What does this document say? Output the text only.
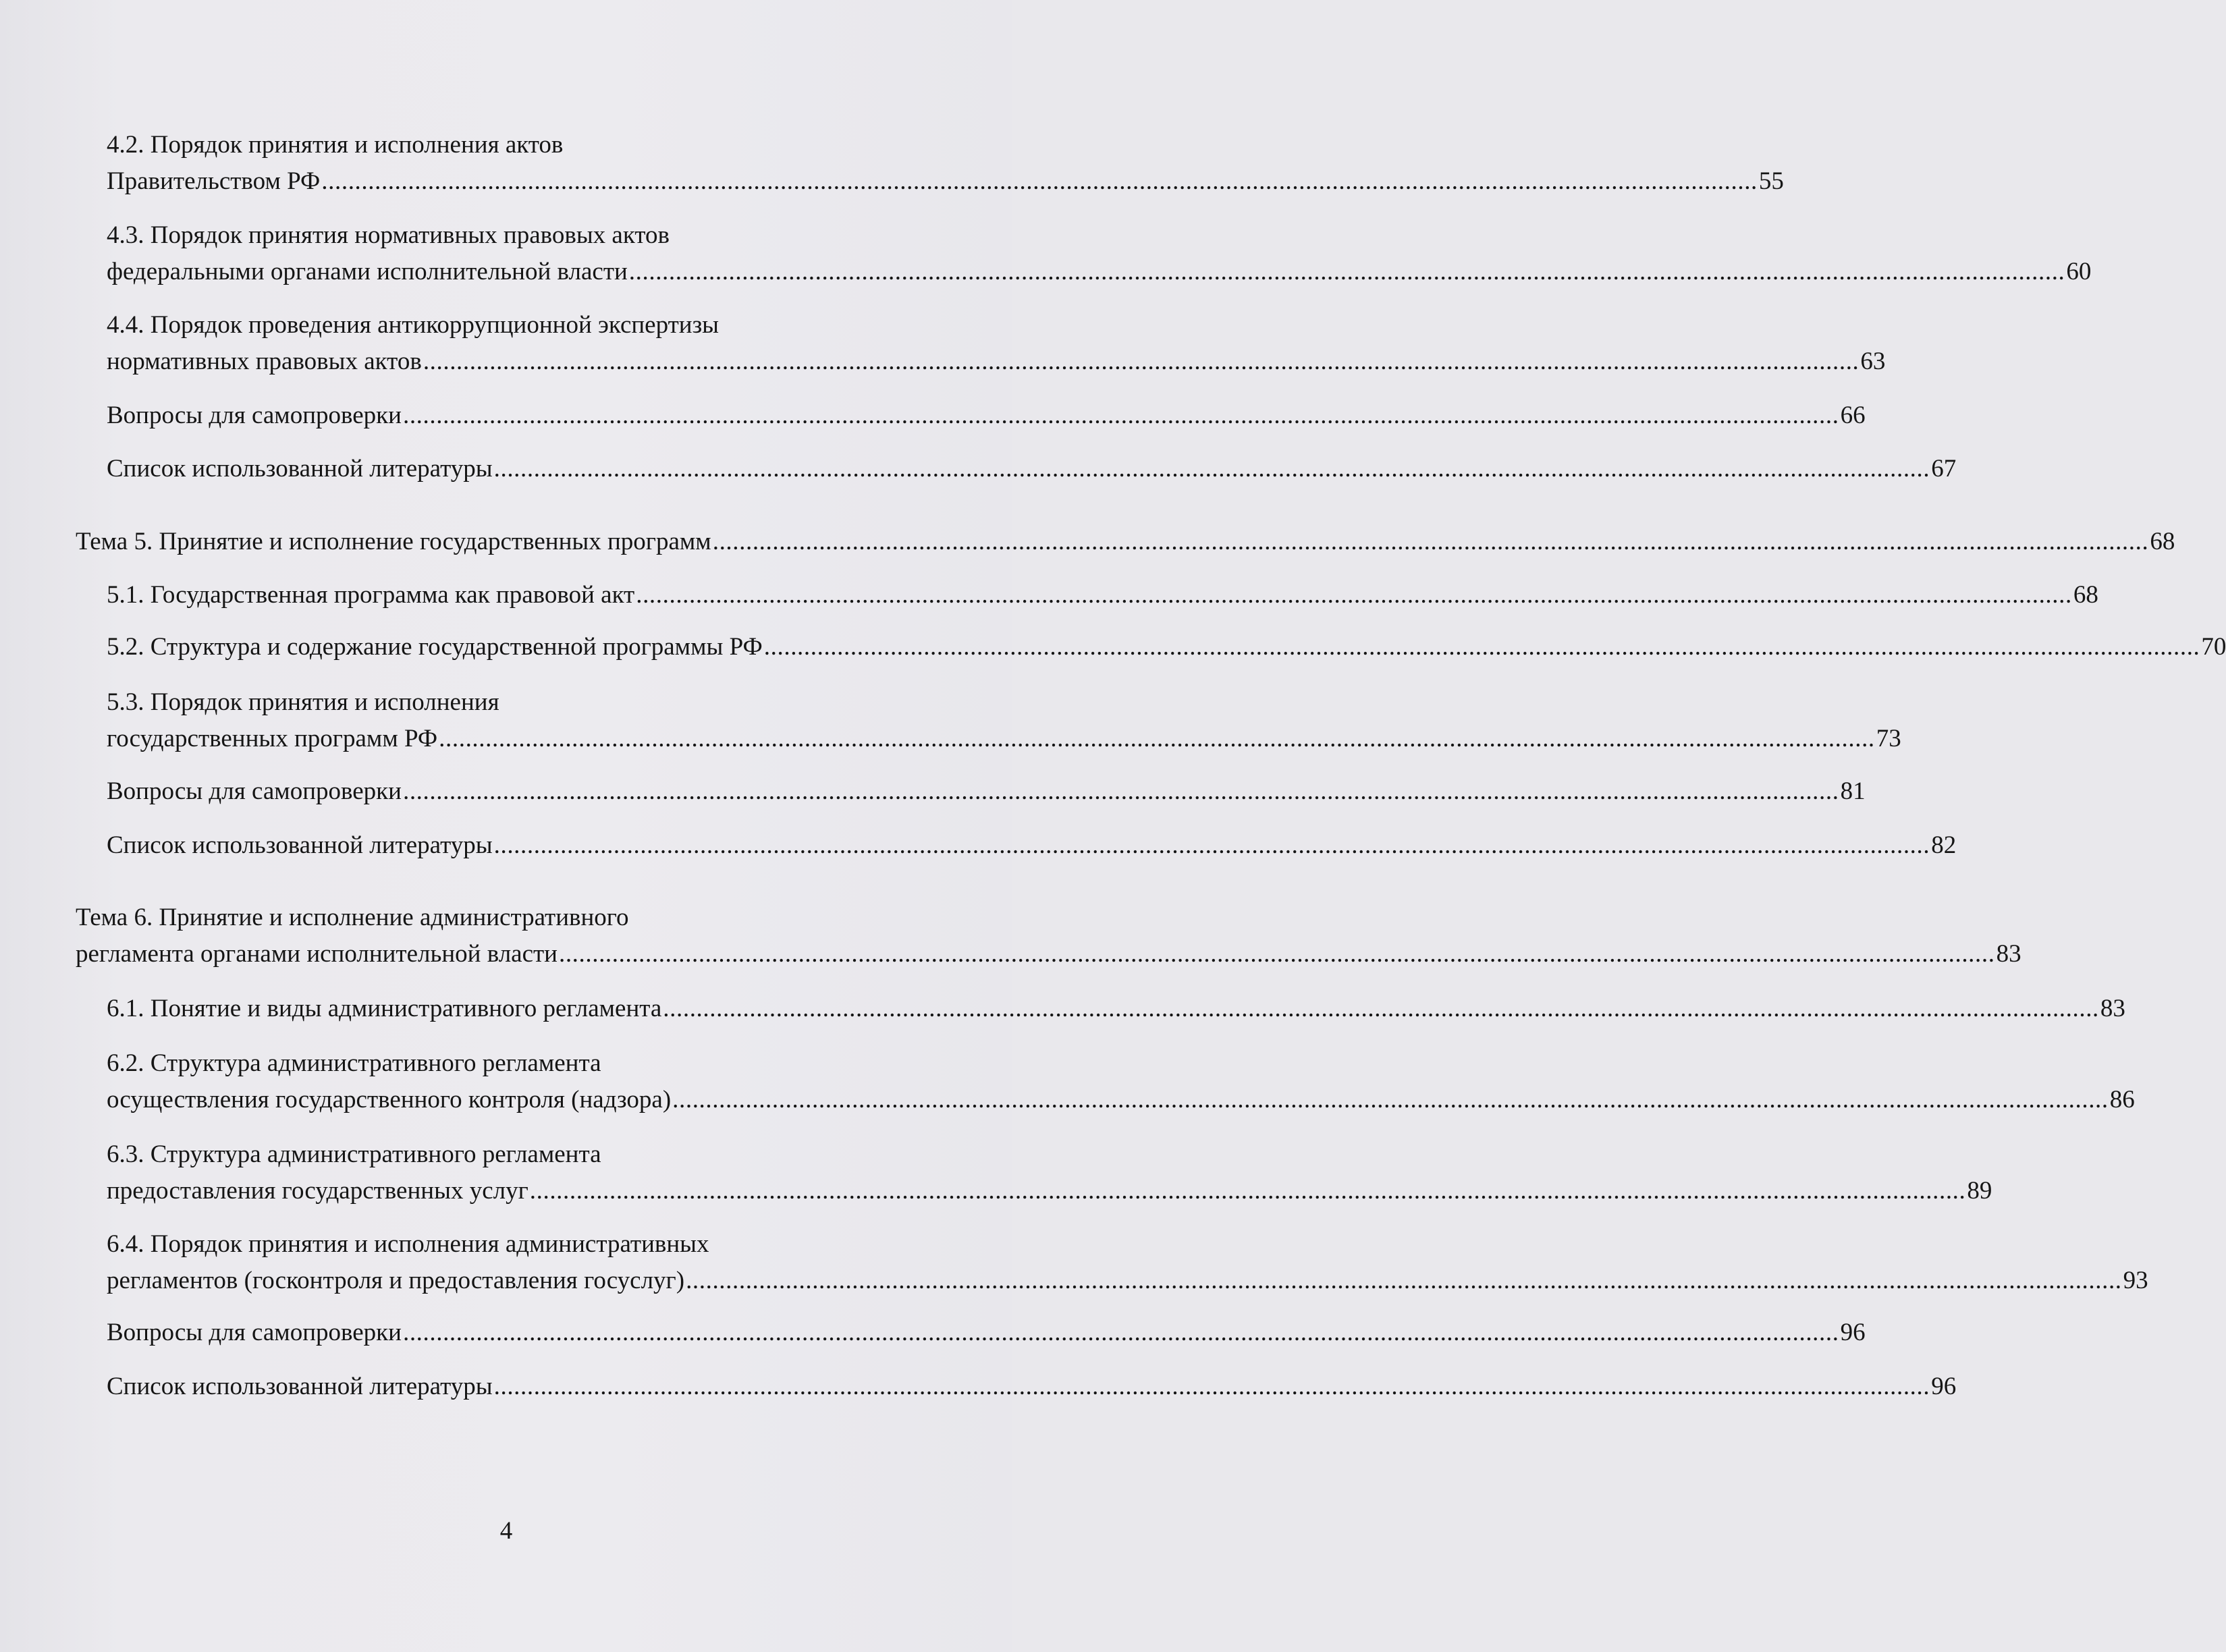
4.2. Порядок принятия и исполнения актов
Правительством РФ ........................................................................................................................................................................................................................ 55
4.3. Порядок принятия нормативных правовых актов
федеральными органами исполнительной власти ........................................................................................................................................................................................................................ 60
4.4. Порядок проведения антикоррупционной экспертизы
нормативных правовых актов ........................................................................................................................................................................................................................ 63
Вопросы для самопроверки ........................................................................................................................................................................................................................ 66
Список использованной литературы ........................................................................................................................................................................................................................ 67
Тема 5. Принятие и исполнение государственных программ ........................................................................................................................................................................................................................ 68
5.1. Государственная программа как правовой акт ........................................................................................................................................................................................................................ 68
5.2. Структура и содержание государственной программы РФ ........................................................................................................................................................................................................................ 70
5.3. Порядок принятия и исполнения
государственных программ РФ ........................................................................................................................................................................................................................ 73
Вопросы для самопроверки ........................................................................................................................................................................................................................ 81
Список использованной литературы ........................................................................................................................................................................................................................ 82
Тема 6. Принятие и исполнение административного
регламента органами исполнительной власти ........................................................................................................................................................................................................................ 83
6.1. Понятие и виды административного регламента ........................................................................................................................................................................................................................ 83
6.2. Структура административного регламента
осуществления государственного контроля (надзора) ........................................................................................................................................................................................................................ 86
6.3. Структура административного регламента
предоставления государственных услуг ........................................................................................................................................................................................................................ 89
6.4. Порядок принятия и исполнения административных
регламентов (госконтроля и предоставления госуслуг) ........................................................................................................................................................................................................................ 93
Вопросы для самопроверки ........................................................................................................................................................................................................................ 96
Список использованной литературы ........................................................................................................................................................................................................................ 96
4
